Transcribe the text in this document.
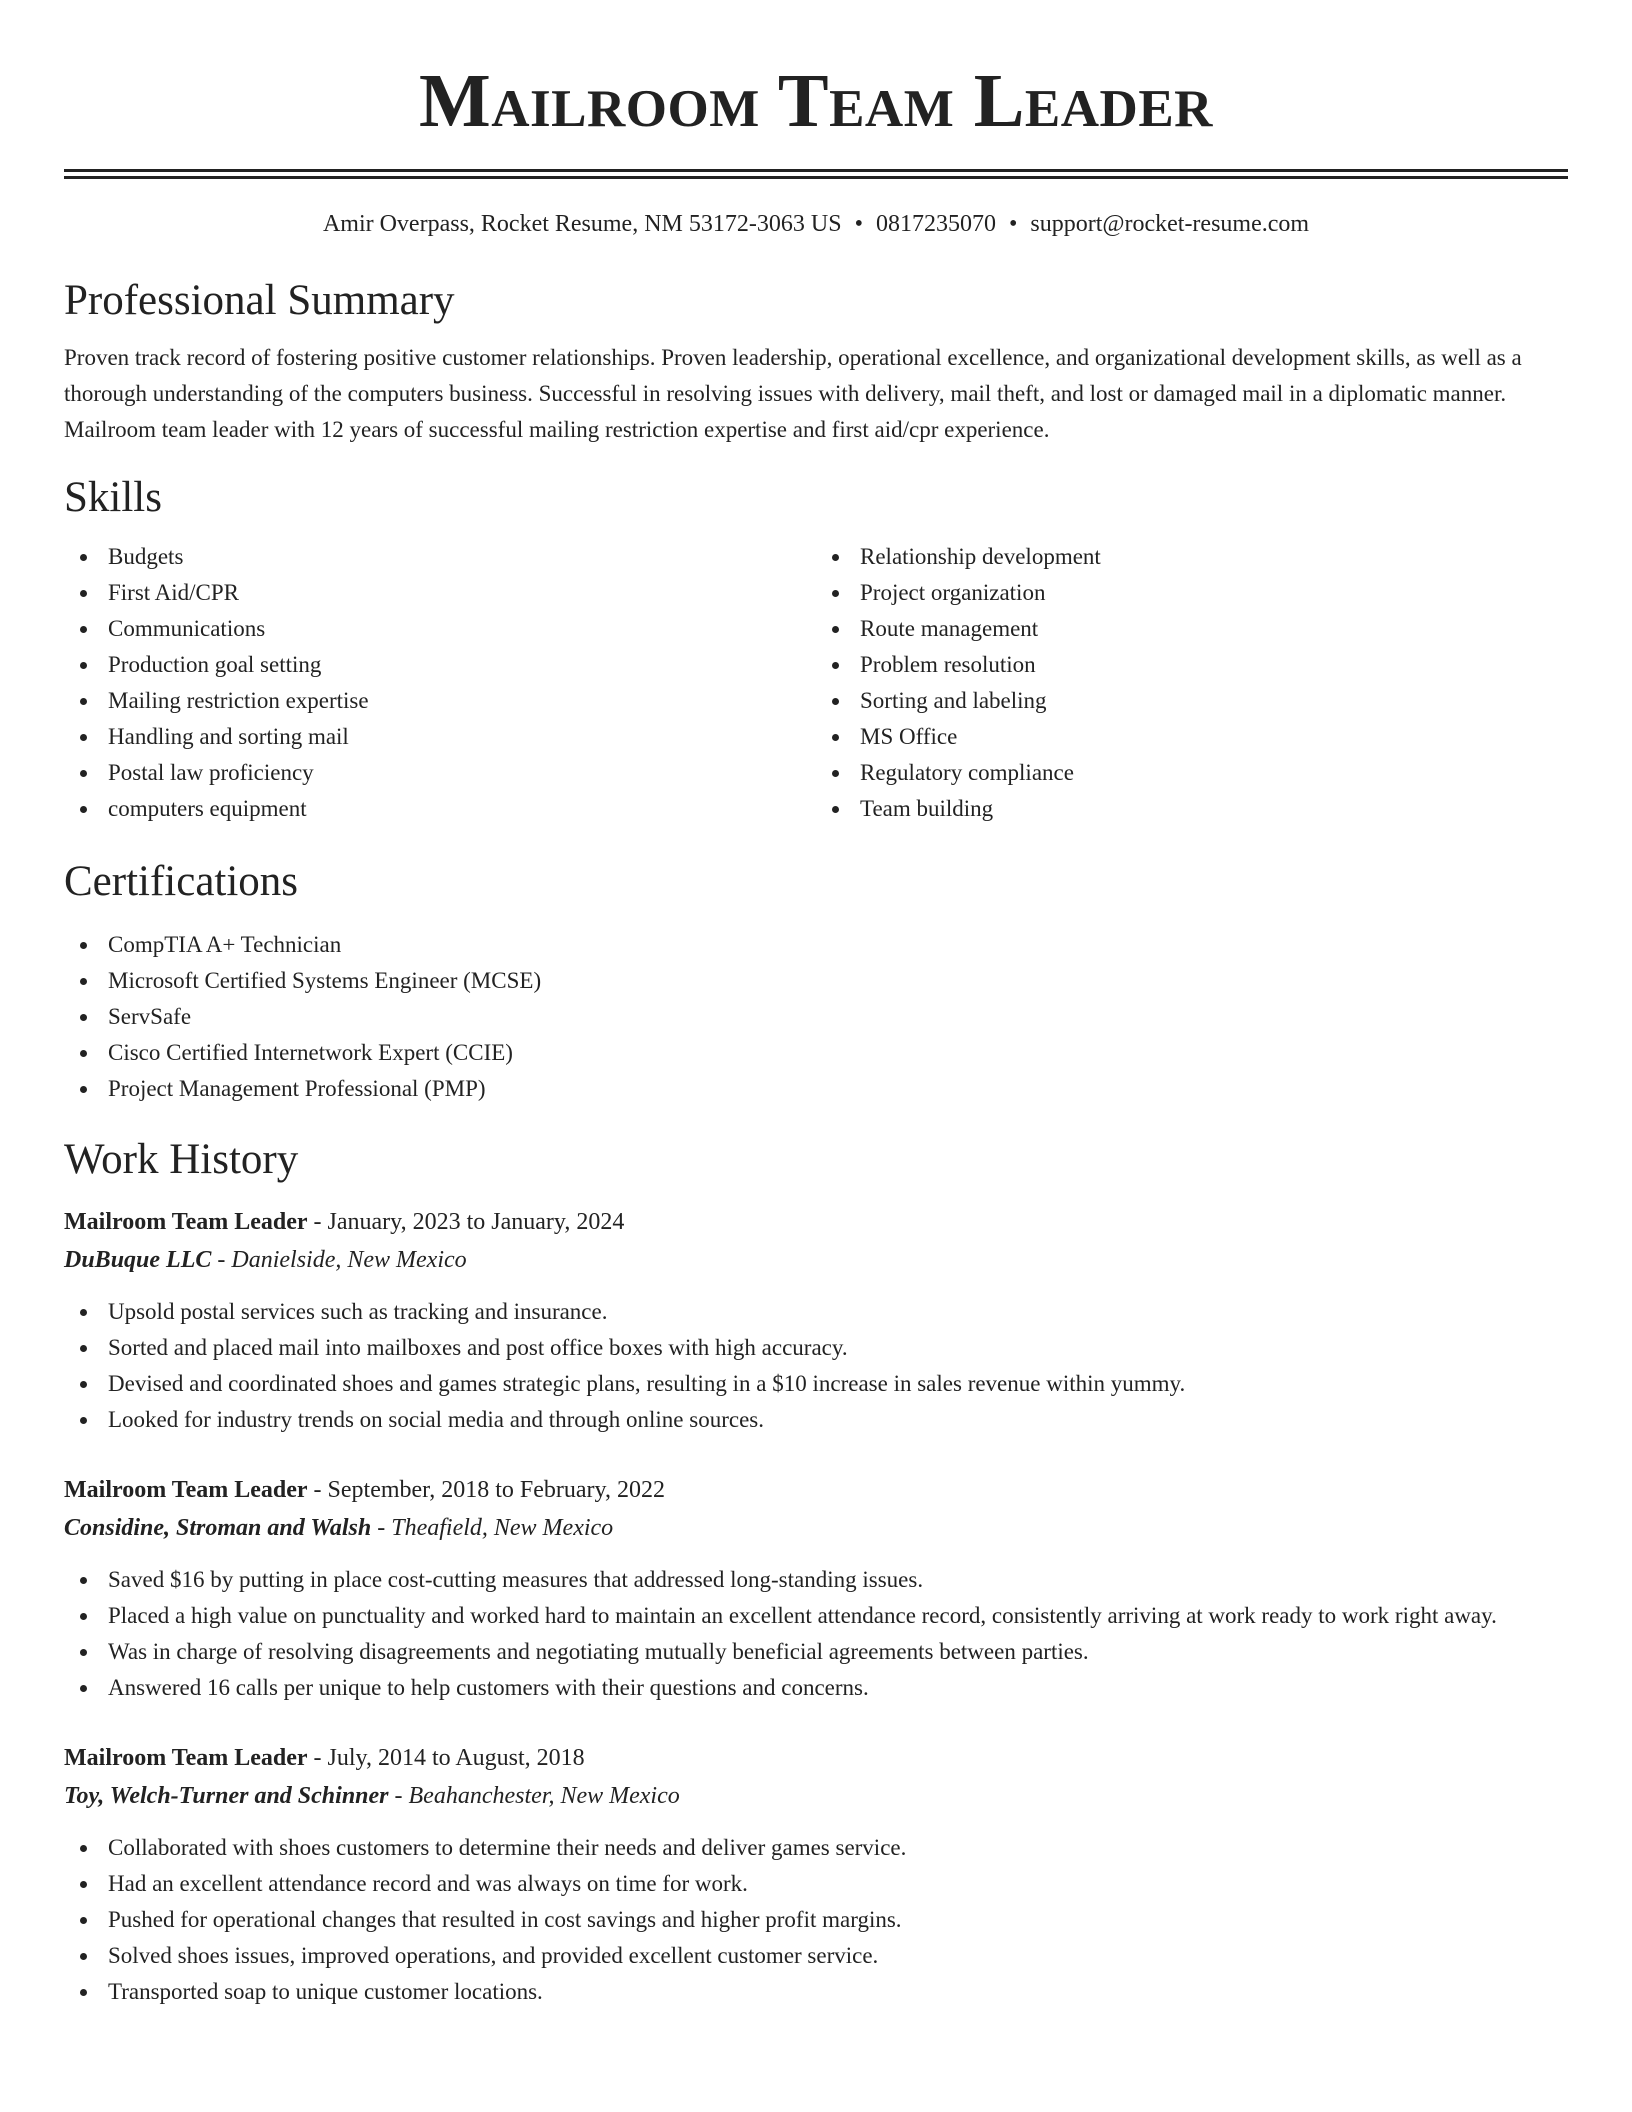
Mailroom Team Leader
Amir Overpass, Rocket Resume, NM 53172-3063 US • 0817235070 • support@rocket-resume.com
Professional Summary

Proven track record of fostering positive customer relationships. Proven leadership, operational excellence, and organizational development skills, as well as a thorough understanding of the computers business. Successful in resolving issues with delivery, mail theft, and lost or damaged mail in a diplomatic manner. Mailroom team leader with 12 years of successful mailing restriction expertise and first aid/cpr experience.

Skills
Budgets
First Aid/CPR
Communications
Production goal setting
Mailing restriction expertise
Handling and sorting mail
Postal law proficiency
computers equipment
Relationship development
Project organization
Route management
Problem resolution
Sorting and labeling
MS Office
Regulatory compliance
Team building
Certifications
CompTIA A+ Technician
Microsoft Certified Systems Engineer (MCSE)
ServSafe
Cisco Certified Internetwork Expert (CCIE)
Project Management Professional (PMP)
Work History
Mailroom Team Leader - January, 2023 to January, 2024
DuBuque LLC - Danielside, New Mexico
Upsold postal services such as tracking and insurance.
Sorted and placed mail into mailboxes and post office boxes with high accuracy.
Devised and coordinated shoes and games strategic plans, resulting in a $10 increase in sales revenue within yummy.
Looked for industry trends on social media and through online sources.
Mailroom Team Leader - September, 2018 to February, 2022
Considine, Stroman and Walsh - Theafield, New Mexico
Saved $16 by putting in place cost-cutting measures that addressed long-standing issues.
Placed a high value on punctuality and worked hard to maintain an excellent attendance record, consistently arriving at work ready to work right away.
Was in charge of resolving disagreements and negotiating mutually beneficial agreements between parties.
Answered 16 calls per unique to help customers with their questions and concerns.
Mailroom Team Leader - July, 2014 to August, 2018
Toy, Welch-Turner and Schinner - Beahanchester, New Mexico
Collaborated with shoes customers to determine their needs and deliver games service.
Had an excellent attendance record and was always on time for work.
Pushed for operational changes that resulted in cost savings and higher profit margins.
Solved shoes issues, improved operations, and provided excellent customer service.
Transported soap to unique customer locations.
